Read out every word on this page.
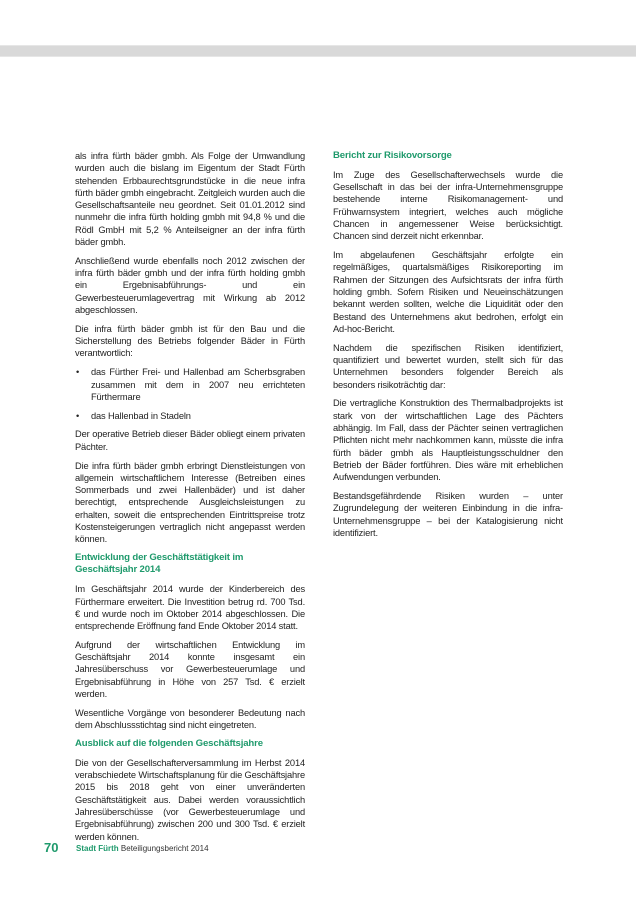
als infra fürth bäder gmbh. Als Folge der Umwandlung wurden auch die bislang im Eigentum der Stadt Fürth stehenden Erbbaurechtsgrundstücke in die neue infra fürth bäder gmbh eingebracht. Zeitgleich wurden auch die Gesellschaftsanteile neu geordnet. Seit 01.01.2012 sind nunmehr die infra fürth holding gmbh mit 94,8 % und die Rödl GmbH mit 5,2 % Anteilseigner an der infra fürth bäder gmbh.

Anschließend wurde ebenfalls noch 2012 zwischen der infra fürth bäder gmbh und der infra fürth holding gmbh ein Ergebnisabführungs- und ein Gewerbesteuerumlagevertrag mit Wirkung ab 2012 abgeschlossen.

Die infra fürth bäder gmbh ist für den Bau und die Sicherstellung des Betriebs folgender Bäder in Fürth verantwortlich:

• das Fürther Frei- und Hallenbad am Scherbsgraben zusammen mit dem in 2007 neu errichteten Fürthermare
• das Hallenbad in Stadeln

Der operative Betrieb dieser Bäder obliegt einem privaten Pächter.

Die infra fürth bäder gmbh erbringt Dienstleistungen von allgemein wirtschaftlichem Interesse (Betreiben eines Sommerbads und zwei Hallenbäder) und ist daher berechtigt, entsprechende Ausgleichsleistungen zu erhalten, soweit die entsprechenden Eintrittspreise trotz Kostensteigerungen vertraglich nicht angepasst werden können.

Entwicklung der Geschäftstätigkeit im Geschäftsjahr 2014

Im Geschäftsjahr 2014 wurde der Kinderbereich des Fürthermare erweitert. Die Investition betrug rd. 700 Tsd. € und wurde noch im Oktober 2014 abgeschlossen. Die entsprechende Eröffnung fand Ende Oktober 2014 statt.

Aufgrund der wirtschaftlichen Entwicklung im Geschäftsjahr 2014 konnte insgesamt ein Jahresüberschuss vor Gewerbesteuerumlage und Ergebnisabführung in Höhe von 257 Tsd. € erzielt werden.

Wesentliche Vorgänge von besonderer Bedeutung nach dem Abschlussstichtag sind nicht eingetreten.

Ausblick auf die folgenden Geschäftsjahre

Die von der Gesellschafterversammlung im Herbst 2014 verabschiedete Wirtschaftsplanung für die Geschäftsjahre 2015 bis 2018 geht von einer unveränderten Geschäftstätigkeit aus. Dabei werden voraussichtlich Jahresüberschüsse (vor Gewerbesteuerumlage und Ergebnisabführung) zwischen 200 und 300 Tsd. € erzielt werden können.

Bericht zur Risikovorsorge

Im Zuge des Gesellschafterwechsels wurde die Gesellschaft in das bei der infra-Unternehmensgruppe bestehende interne Risikomanagement- und Frühwarnsystem integriert, welches auch mögliche Chancen in angemessener Weise berücksichtigt. Chancen sind derzeit nicht erkennbar.

Im abgelaufenen Geschäftsjahr erfolgte ein regelmäßiges, quartalsmäßiges Risikoreporting im Rahmen der Sitzungen des Aufsichtsrats der infra fürth holding gmbh. Sofern Risiken und Neueinschätzungen bekannt werden sollten, welche die Liquidität oder den Bestand des Unternehmens akut bedrohen, erfolgt ein Ad-hoc-Bericht.

Nachdem die spezifischen Risiken identifiziert, quantifiziert und bewertet wurden, stellt sich für das Unternehmen besonders folgender Bereich als besonders risikoträchtig dar:

Die vertragliche Konstruktion des Thermalbadprojekts ist stark von der wirtschaftlichen Lage des Pächters abhängig. Im Fall, dass der Pächter seinen vertraglichen Pflichten nicht mehr nachkommen kann, müsste die infra fürth bäder gmbh als Hauptleistungsschuldner den Betrieb der Bäder fortführen. Dies wäre mit erheblichen Aufwendungen verbunden.

Bestandsgefährdende Risiken wurden – unter Zugrundelegung der weiteren Einbindung in die infra-Unternehmensgruppe – bei der Katalogisierung nicht identifiziert.

70 Stadt Fürth Beteiligungsbericht 2014
